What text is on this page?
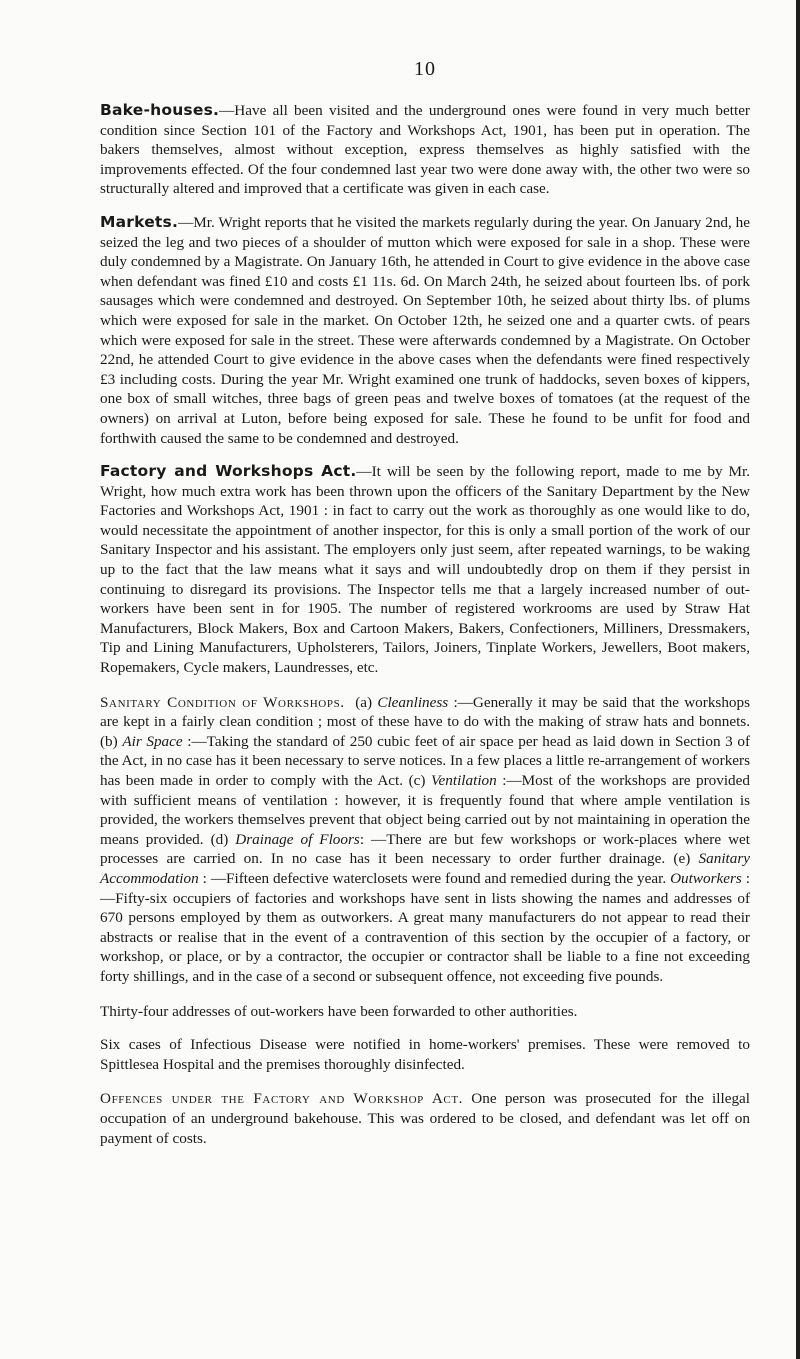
10

Bake-houses.—Have all been visited and the underground ones were found in very much better condition since Section 101 of the Factory and Workshops Act, 1901, has been put in operation. The bakers themselves, almost without exception, express themselves as highly satisfied with the improvements effected. Of the four condemned last year two were done away with, the other two were so structurally altered and improved that a certificate was given in each case.

Markets.—Mr. Wright reports that he visited the markets regularly during the year. On January 2nd, he seized the leg and two pieces of a shoulder of mutton which were exposed for sale in a shop. These were duly condemned by a Magistrate. On January 16th, he attended in Court to give evidence in the above case when defendant was fined £10 and costs £1 11s. 6d. On March 24th, he seized about fourteen lbs. of pork sausages which were condemned and destroyed. On September 10th, he seized about thirty lbs. of plums which were exposed for sale in the market. On October 12th, he seized one and a quarter cwts. of pears which were exposed for sale in the street. These were afterwards condemned by a Magistrate. On October 22nd, he attended Court to give evidence in the above cases when the defendants were fined respectively £3 including costs. During the year Mr. Wright examined one trunk of haddocks, seven boxes of kippers, one box of small witches, three bags of green peas and twelve boxes of tomatoes (at the request of the owners) on arrival at Luton, before being exposed for sale. These he found to be unfit for food and forthwith caused the same to be condemned and destroyed.

Factory and Workshops Act.—It will be seen by the following report, made to me by Mr. Wright, how much extra work has been thrown upon the officers of the Sanitary Department by the New Factories and Workshops Act, 1901 : in fact to carry out the work as thoroughly as one would like to do, would necessitate the appointment of another inspector, for this is only a small portion of the work of our Sanitary Inspector and his assistant. The employers only just seem, after repeated warnings, to be waking up to the fact that the law means what it says and will undoubtedly drop on them if they persist in continuing to disregard its provisions. The Inspector tells me that a largely increased number of out-workers have been sent in for 1905. The number of registered workrooms are used by Straw Hat Manufacturers, Block Makers, Box and Cartoon Makers, Bakers, Confectioners, Milliners, Dressmakers, Tip and Lining Manufacturers, Upholsterers, Tailors, Joiners, Tinplate Workers, Jewellers, Boot makers, Ropemakers, Cycle makers, Laundresses, etc.

Sanitary Condition of Workshops. (a) Cleanliness :—Generally it may be said that the workshops are kept in a fairly clean condition ; most of these have to do with the making of straw hats and bonnets. (b) Air Space :—Taking the standard of 250 cubic feet of air space per head as laid down in Section 3 of the Act, in no case has it been necessary to serve notices. In a few places a little re-arrangement of workers has been made in order to comply with the Act. (c) Ventilation :—Most of the workshops are provided with sufficient means of ventilation : however, it is frequently found that where ample ventilation is provided, the workers themselves prevent that object being carried out by not maintaining in operation the means provided. (d) Drainage of Floors: —There are but few workshops or work-places where wet processes are carried on. In no case has it been necessary to order further drainage. (e) Sanitary Accommodation : —Fifteen defective waterclosets were found and remedied during the year. Outworkers :—Fifty-six occupiers of factories and workshops have sent in lists showing the names and addresses of 670 persons employed by them as outworkers. A great many manufacturers do not appear to read their abstracts or realise that in the event of a contravention of this section by the occupier of a factory, or workshop, or place, or by a contractor, the occupier or contractor shall be liable to a fine not exceeding forty shillings, and in the case of a second or subsequent offence, not exceeding five pounds.

Thirty-four addresses of out-workers have been forwarded to other authorities.

Six cases of Infectious Disease were notified in home-workers' premises. These were removed to Spittlesea Hospital and the premises thoroughly disinfected.

Offences under the Factory and Workshop Act. One person was prosecuted for the illegal occupation of an underground bakehouse. This was ordered to be closed, and defendant was let off on payment of costs.
